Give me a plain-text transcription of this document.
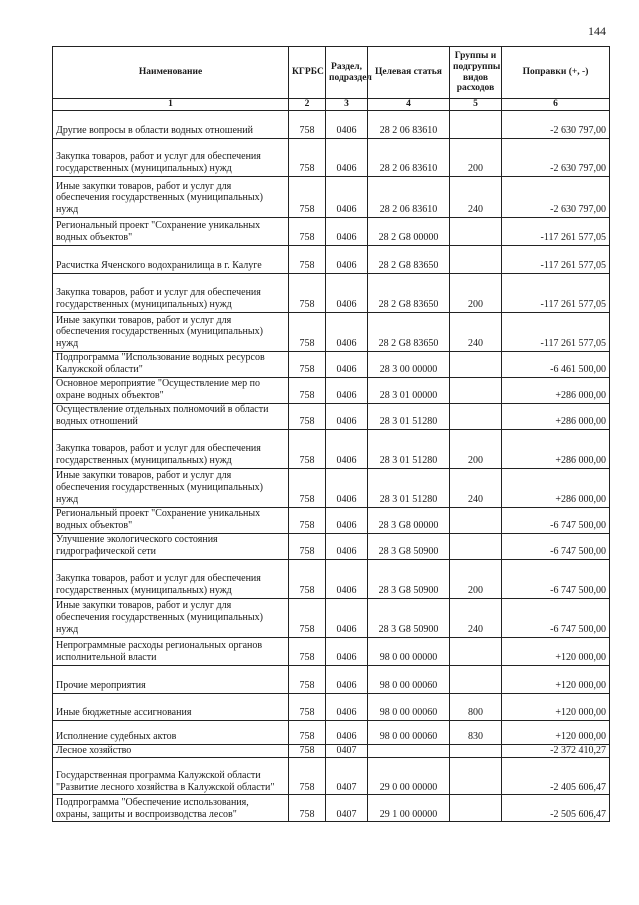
144
Наименование	КГРБС	Раздел, подраздел	Целевая статья	Группы и подгруппы видов расходов	Поправки (+, -)
1	2	3	4	5	6
Другие вопросы в области водных отношений	758	0406	28 2 06 83610		-2 630 797,00
Закупка товаров, работ и услуг для обеспечения государственных (муниципальных) нужд	758	0406	28 2 06 83610	200	-2 630 797,00
Иные закупки товаров, работ и услуг для обеспечения государственных (муниципальных) нужд	758	0406	28 2 06 83610	240	-2 630 797,00
Региональный проект "Сохранение уникальных водных объектов"	758	0406	28 2 G8 00000		-117 261 577,05
Расчистка Яченского водохранилища в г. Калуге	758	0406	28 2 G8 83650		-117 261 577,05
Закупка товаров, работ и услуг для обеспечения государственных (муниципальных) нужд	758	0406	28 2 G8 83650	200	-117 261 577,05
Иные закупки товаров, работ и услуг для обеспечения государственных (муниципальных) нужд	758	0406	28 2 G8 83650	240	-117 261 577,05
Подпрограмма "Использование водных ресурсов Калужской области"	758	0406	28 3 00 00000		-6 461 500,00
Основное мероприятие "Осуществление мер по охране водных объектов"	758	0406	28 3 01 00000		+286 000,00
Осуществление отдельных полномочий в области водных отношений	758	0406	28 3 01 51280		+286 000,00
Закупка товаров, работ и услуг для обеспечения государственных (муниципальных) нужд	758	0406	28 3 01 51280	200	+286 000,00
Иные закупки товаров, работ и услуг для обеспечения государственных (муниципальных) нужд	758	0406	28 3 01 51280	240	+286 000,00
Региональный проект "Сохранение уникальных водных объектов"	758	0406	28 3 G8 00000		-6 747 500,00
Улучшение экологического состояния гидрографической сети	758	0406	28 3 G8 50900		-6 747 500,00
Закупка товаров, работ и услуг для обеспечения государственных (муниципальных) нужд	758	0406	28 3 G8 50900	200	-6 747 500,00
Иные закупки товаров, работ и услуг для обеспечения государственных (муниципальных) нужд	758	0406	28 3 G8 50900	240	-6 747 500,00
Непрограммные расходы региональных органов исполнительной власти	758	0406	98 0 00 00000		+120 000,00
Прочие мероприятия	758	0406	98 0 00 00060		+120 000,00
Иные бюджетные ассигнования	758	0406	98 0 00 00060	800	+120 000,00
Исполнение судебных актов	758	0406	98 0 00 00060	830	+120 000,00
Лесное хозяйство	758	0407			-2 372 410,27
Государственная программа Калужской области "Развитие лесного хозяйства в Калужской области"	758	0407	29 0 00 00000		-2 405 606,47
Подпрограмма "Обеспечение использования, охраны, защиты и воспроизводства лесов"	758	0407	29 1 00 00000		-2 505 606,47
